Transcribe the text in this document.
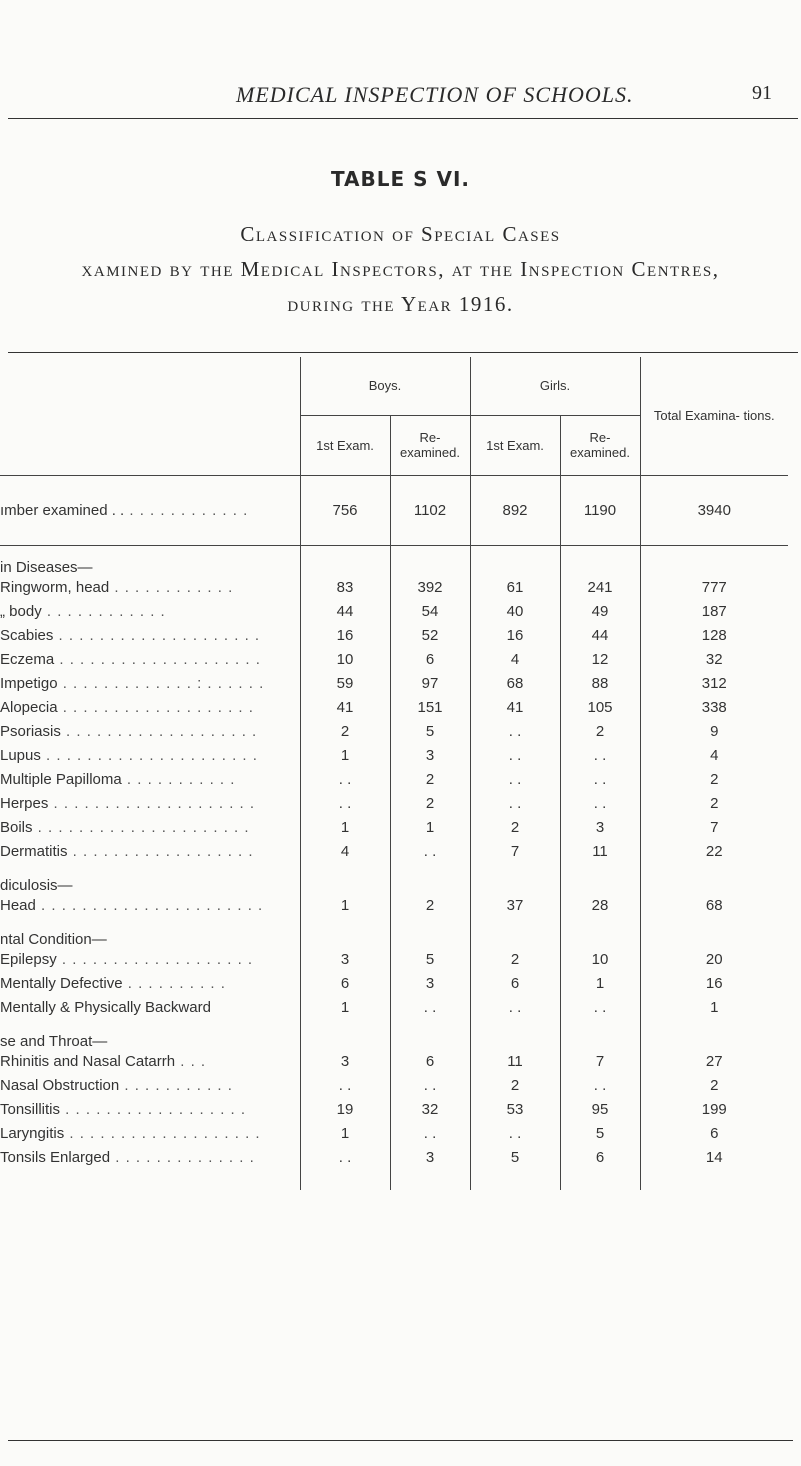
MEDICAL INSPECTION OF SCHOOLS.	91
TABLE S VI.
Classification of Special Cases
xamined by the Medical Inspectors, at the Inspection Centres,
during the Year 1916.
	Boys.		Girls.		Total Examina- tions.
	1st Exam.	Re- examined.	1st Exam.	Re- examined.	
ımber examined . . . . . . . . . . . . . .	756	1102	892	1190	3940
in Diseases—					
Ringworm, head . . . . . . . . . . . .	83	392	61	241	777
„ body . . . . . . . . . . . .	44	54	40	49	187
Scabies . . . . . . . . . . . . . . . . . . . .	16	52	16	44	128
Eczema . . . . . . . . . . . . . . . . . . . .	10	6	4	12	32
Impetigo . . . . . . . . . . . . . : . . . . . .	59	97	68	88	312
Alopecia . . . . . . . . . . . . . . . . . . .	41	151	41	105	338
Psoriasis . . . . . . . . . . . . . . . . . . .	2	5	. .	2	9
Lupus . . . . . . . . . . . . . . . . . . . . .	1	3	. .	. .	4
Multiple Papilloma . . . . . . . . . . .	. .	2	. .	. .	2
Herpes . . . . . . . . . . . . . . . . . . . .	. .	2	. .	. .	2
Boils . . . . . . . . . . . . . . . . . . . . .	1	1	2	3	7
Dermatitis . . . . . . . . . . . . . . . . . .	4	. .	7	11	22
diculosis—					
Head . . . . . . . . . . . . . . . . . . . . . .	1	2	37	28	68
ntal Condition—					
Epilepsy . . . . . . . . . . . . . . . . . . .	3	5	2	10	20
Mentally Defective . . . . . . . . . .	6	3	6	1	16
Mentally & Physically Backward	1	. .	. .	. .	1
se and Throat—					
Rhinitis and Nasal Catarrh . . .	3	6	11	7	27
Nasal Obstruction . . . . . . . . . . .	. .	. .	2	. .	2
Tonsillitis . . . . . . . . . . . . . . . . . .	19	32	53	95	199
Laryngitis . . . . . . . . . . . . . . . . . . .	1	. .	. .	5	6
Tonsils Enlarged . . . . . . . . . . . . . .	. .	3	5	6	14
